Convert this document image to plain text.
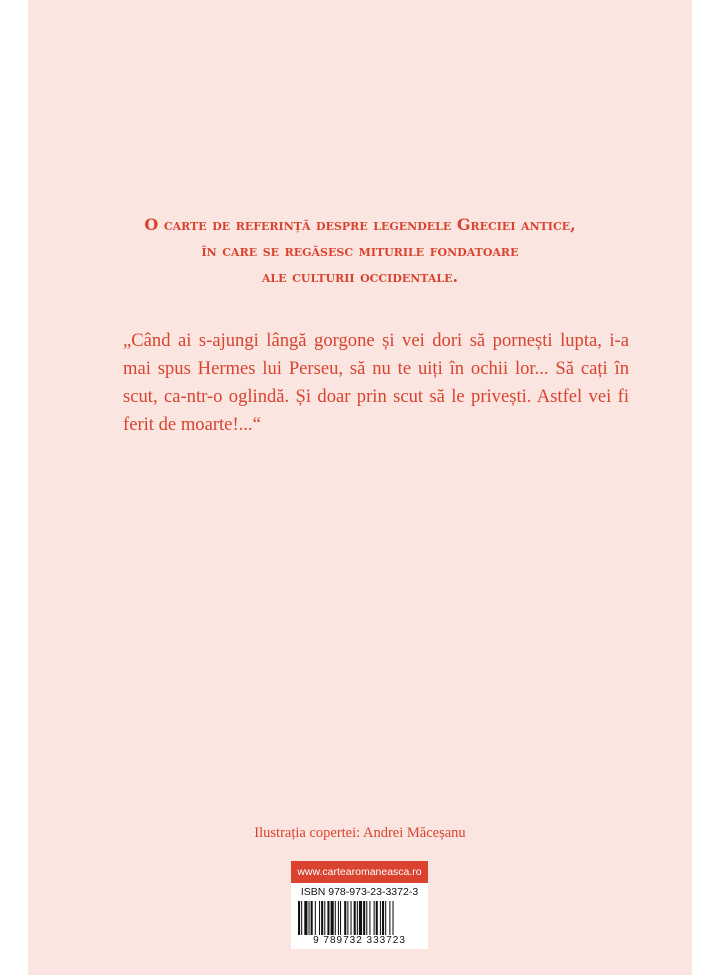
O carte de referință despre legendele Greciei antice,
în care se regăsesc miturile fondatoare
ale culturii occidentale.
„Când ai s-ajungi lângă gorgone și vei dori să pornești lupta, i-a mai spus Hermes lui Perseu, să nu te uiți în ochii lor... Să cați în scut, ca-ntr-o oglindă. Și doar prin scut să le privești. Astfel vei fi ferit de moarte!...“
Ilustrația copertei: Andrei Măceșanu
www.cartearomaneasca.ro
ISBN 978-973-23-3372-3
9 789732 333723
